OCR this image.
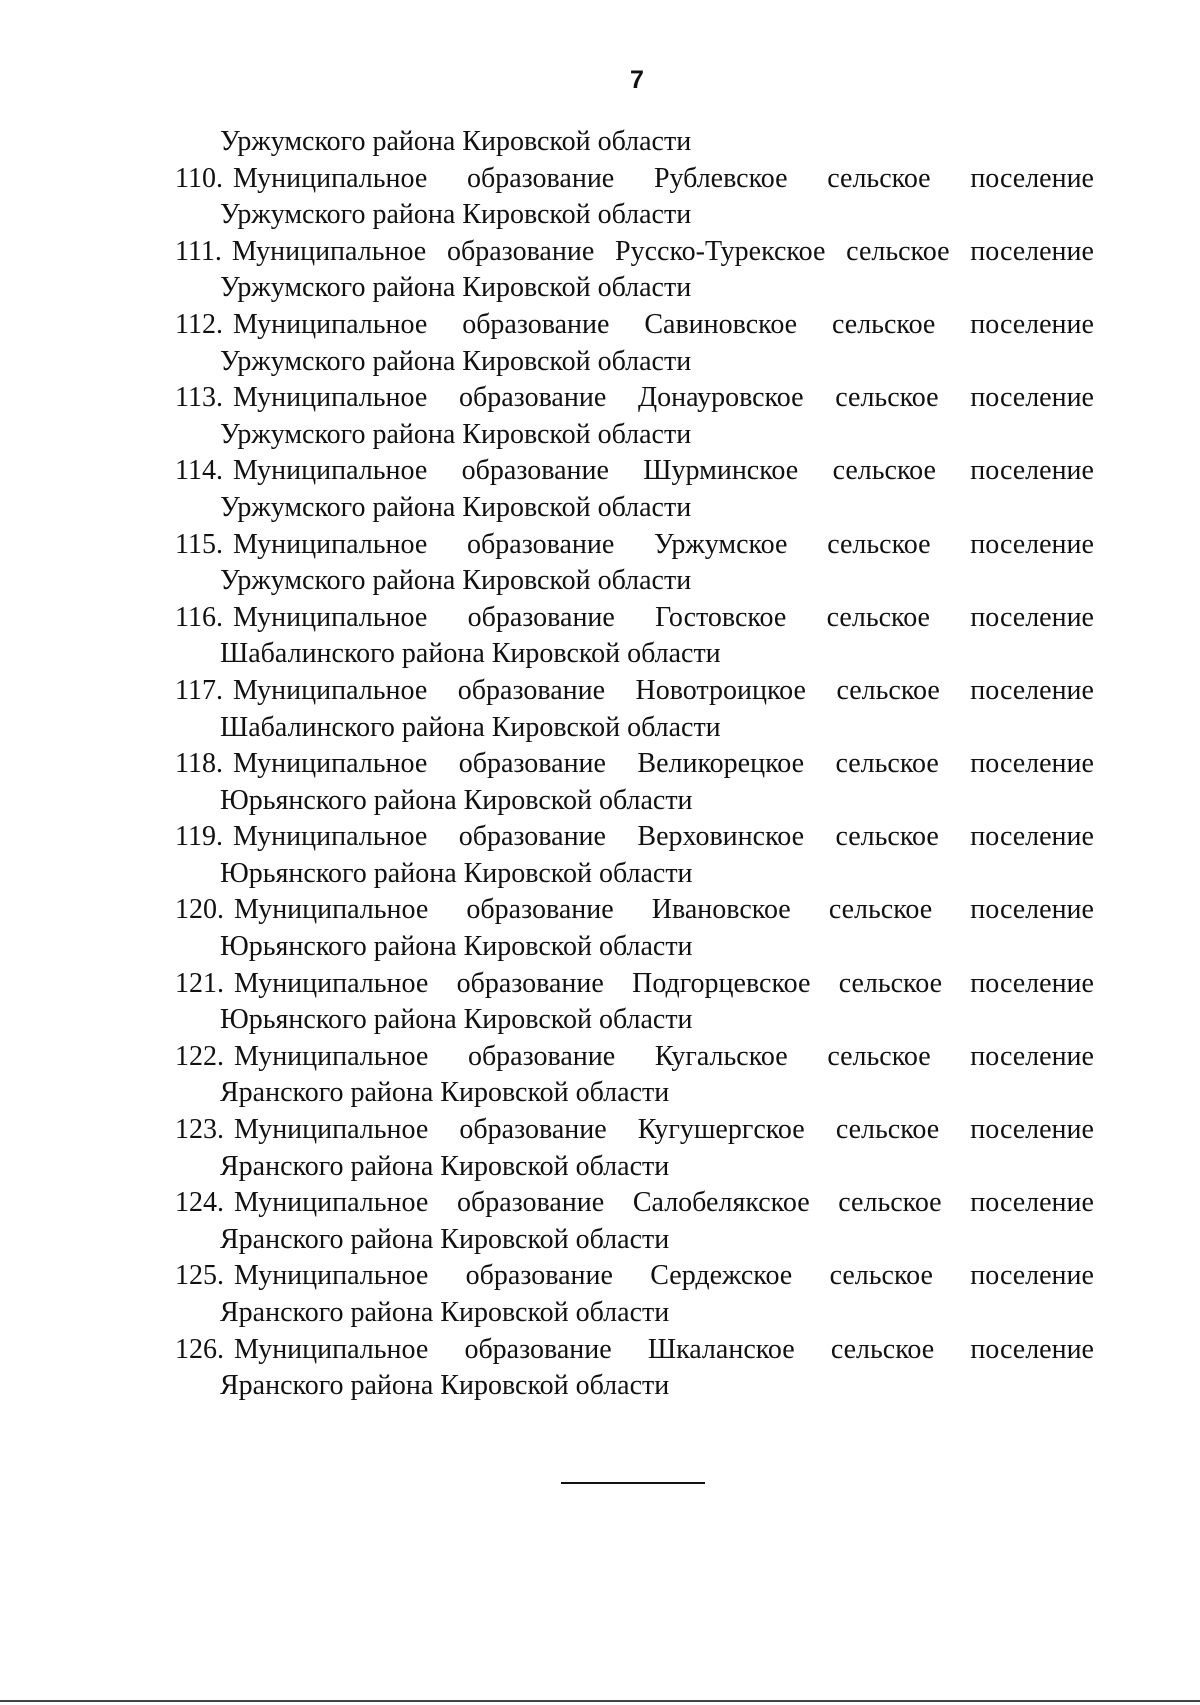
7
Уржумского района Кировской области
110. Муниципальное образование Рублевское сельское поселение
Уржумского района Кировской области
111. Муниципальное образование Русско-Турекское сельское поселение
Уржумского района Кировской области
112. Муниципальное образование Савиновское сельское поселение
Уржумского района Кировской области
113. Муниципальное образование Донауровское сельское поселение
Уржумского района Кировской области
114. Муниципальное образование Шурминское сельское поселение
Уржумского района Кировской области
115. Муниципальное образование Уржумское сельское поселение
Уржумского района Кировской области
116. Муниципальное образование Гостовское сельское поселение
Шабалинского района Кировской области
117. Муниципальное образование Новотроицкое сельское поселение
Шабалинского района Кировской области
118. Муниципальное образование Великорецкое сельское поселение
Юрьянского района Кировской области
119. Муниципальное образование Верховинское сельское поселение
Юрьянского района Кировской области
120. Муниципальное образование Ивановское сельское поселение
Юрьянского района Кировской области
121. Муниципальное образование Подгорцевское сельское поселение
Юрьянского района Кировской области
122. Муниципальное образование Кугальское сельское поселение
Яранского района Кировской области
123. Муниципальное образование Кугушергское сельское поселение
Яранского района Кировской области
124. Муниципальное образование Салобелякское сельское поселение
Яранского района Кировской области
125. Муниципальное образование Сердежское сельское поселение
Яранского района Кировской области
126. Муниципальное образование Шкаланское сельское поселение
Яранского района Кировской области
